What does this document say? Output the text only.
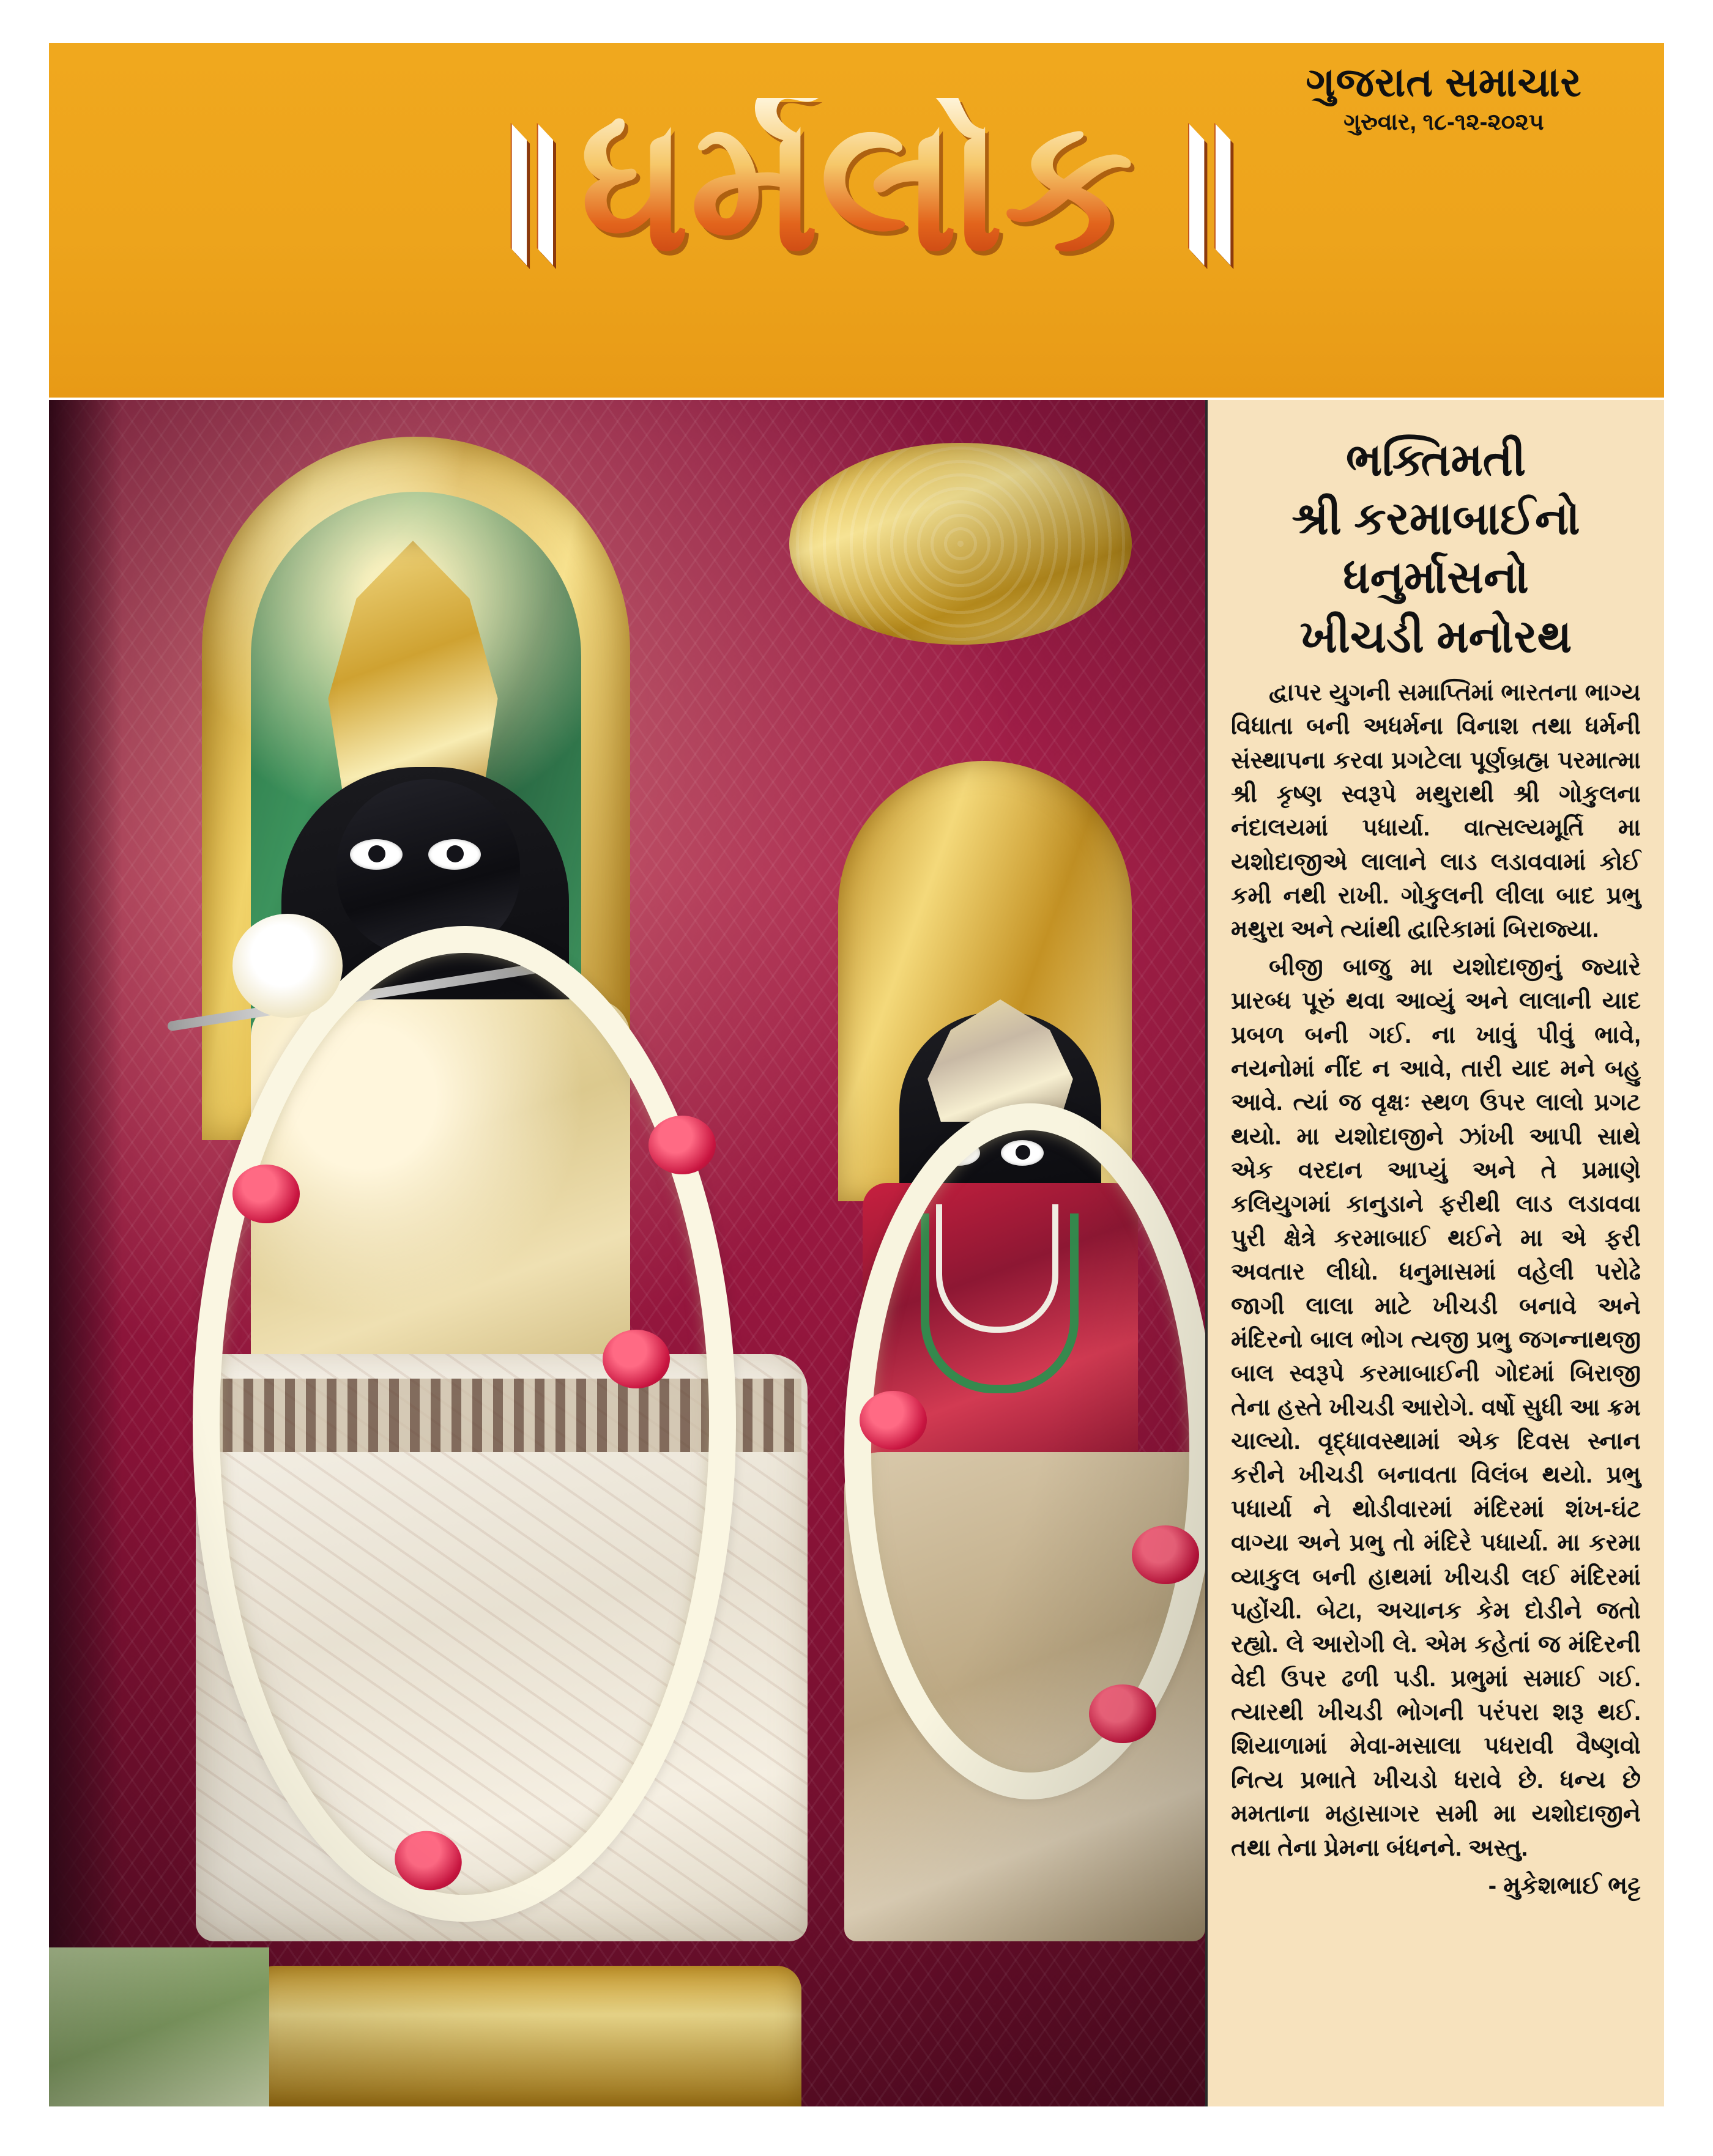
ગુજરાત સમાચાર
ગુરુવાર, ૧૮-૧૨-૨૦૨૫
॥ ધર્મલોક ॥
ભક્તિમતી
શ્રી કરમાબાઈનો
ધનુર્માસનો
ખીચડી મનોરથ

દ્વાપર યુગની સમાપ્તિમાં ભારતના ભાગ્ય વિધાતા બની અધર્મના વિનાશ તથા ધર્મની સંસ્થાપના કરવા પ્રગટેલા પૂર્ણબ્રહ્મ પરમાત્મા શ્રી કૃષ્ણ સ્વરૂપે મથુરાથી શ્રી ગોકુલના નંદાલયમાં પધાર્યા. વાત્સલ્યમૂર્તિ મા યશોદાજીએ લાલાને લાડ લડાવવામાં કોઈ કમી નથી રાખી. ગોકુલની લીલા બાદ પ્રભુ મથુરા અને ત્યાંથી દ્વારિકામાં બિરાજ્યા.

બીજી બાજુ મા યશોદાજીનું જ્યારે પ્રારબ્ધ પૂરું થવા આવ્યું અને લાલાની યાદ પ્રબળ બની ગઈ. ના ખાવું પીવું ભાવે, નયનોમાં નીંદ ન આવે, તારી યાદ મને બહુ આવે. ત્યાં જ વૃક્ષઃ સ્થળ ઉપર લાલો પ્રગટ થયો. મા યશોદાજીને ઝાંખી આપી સાથે એક વરદાન આપ્યું અને તે પ્રમાણે કલિયુગમાં કાનુડાને ફરીથી લાડ લડાવવા પુરી ક્ષેત્રે કરમાબાઈ થઈને મા એ ફરી અવતાર લીધો. ધનુમાસમાં વહેલી પરોઢે જાગી લાલા માટે ખીચડી બનાવે અને મંદિરનો બાલ ભોગ ત્યજી પ્રભુ જગન્નાથજી બાલ સ્વરૂપે કરમાબાઈની ગોદમાં બિરાજી તેના હસ્તે ખીચડી આરોગે. વર્ષો સુધી આ ક્રમ ચાલ્યો. વૃદ્ધાવસ્થામાં એક દિવસ સ્નાન કરીને ખીચડી બનાવતા વિલંબ થયો. પ્રભુ પધાર્યા ને થોડીવારમાં મંદિરમાં શંખ-ઘંટ વાગ્યા અને પ્રભુ તો મંદિરે પધાર્યા. મા કરમા વ્યાકુલ બની હાથમાં ખીચડી લઈ મંદિરમાં પહોંચી. બેટા, અચાનક કેમ દોડીને જતો રહ્યો. લે આરોગી લે. એમ કહેતાં જ મંદિરની વેદી ઉપર ઢળી પડી. પ્રભુમાં સમાઈ ગઈ. ત્યારથી ખીચડી ભોગની પરંપરા શરૂ થઈ. શિયાળામાં મેવા-મસાલા પધરાવી વૈષ્ણવો નિત્ય પ્રભાતે ખીચડો ધરાવે છે. ધન્ય છે મમતાના મહાસાગર સમી મા યશોદાજીને તથા તેના પ્રેમના બંધનને. અસ્તુ.

- મુકેશભાઈ ભટ્ટ
